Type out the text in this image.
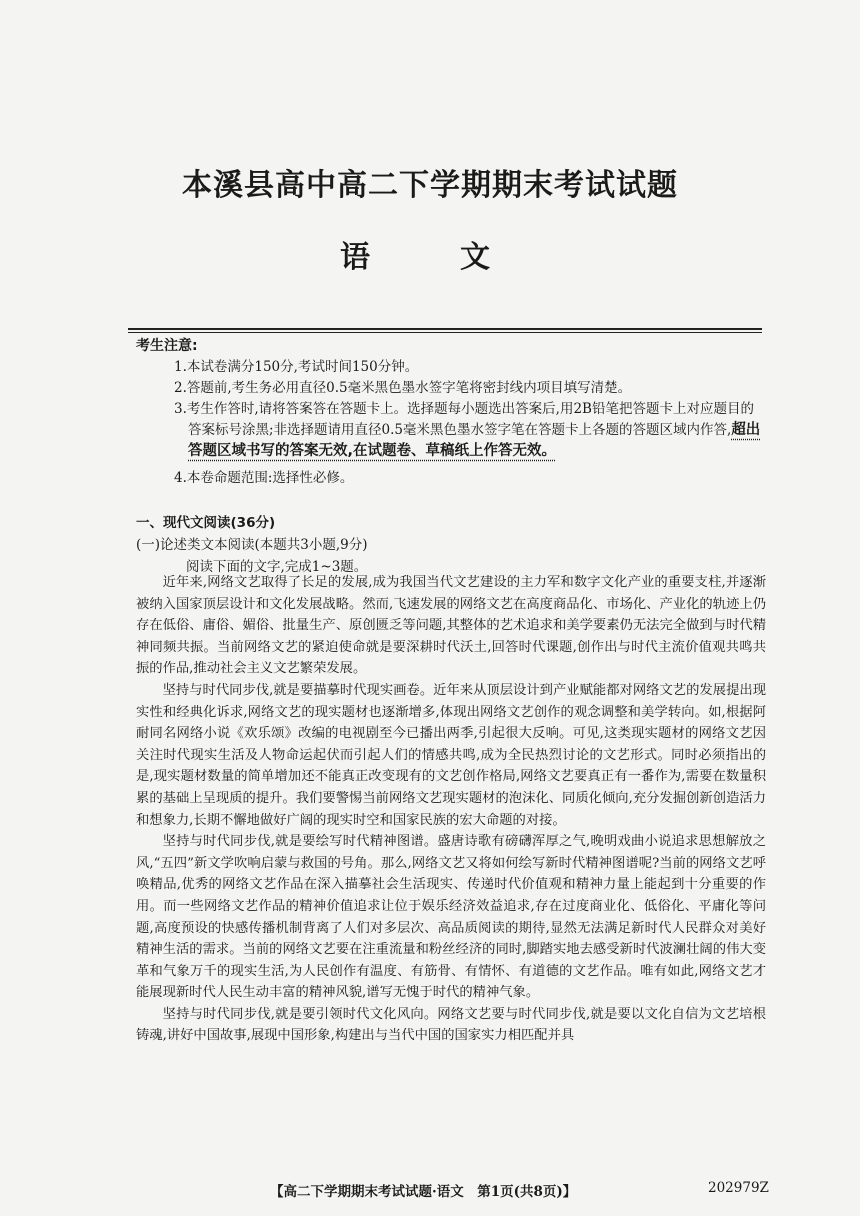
本溪县高中高二下学期期末考试试题
语　文
考生注意:
1.本试卷满分150分,考试时间150分钟。
2.答题前,考生务必用直径0.5毫米黑色墨水签字笔将密封线内项目填写清楚。
3.考生作答时,请将答案答在答题卡上。选择题每小题选出答案后,用2B铅笔把答题卡上对应题目的答案标号涂黑;非选择题请用直径0.5毫米黑色墨水签字笔在答题卡上各题的答题区域内作答,超出答题区域书写的答案无效,在试题卷、草稿纸上作答无效。
4.本卷命题范围:选择性必修。
一、现代文阅读(36分)
(一)论述类文本阅读(本题共3小题,9分)
阅读下面的文字,完成1~3题。

近年来,网络文艺取得了长足的发展,成为我国当代文艺建设的主力军和数字文化产业的重要支柱,并逐渐被纳入国家顶层设计和文化发展战略。然而,飞速发展的网络文艺在高度商品化、市场化、产业化的轨迹上仍存在低俗、庸俗、媚俗、批量生产、原创匮乏等问题,其整体的艺术追求和美学要素仍无法完全做到与时代精神同频共振。当前网络文艺的紧迫使命就是要深耕时代沃土,回答时代课题,创作出与时代主流价值观共鸣共振的作品,推动社会主义文艺繁荣发展。

坚持与时代同步伐,就是要描摹时代现实画卷。近年来从顶层设计到产业赋能都对网络文艺的发展提出现实性和经典化诉求,网络文艺的现实题材也逐渐增多,体现出网络文艺创作的观念调整和美学转向。如,根据阿耐同名网络小说《欢乐颂》改编的电视剧至今已播出两季,引起很大反响。可见,这类现实题材的网络文艺因关注时代现实生活及人物命运起伏而引起人们的情感共鸣,成为全民热烈讨论的文艺形式。同时必须指出的是,现实题材数量的简单增加还不能真正改变现有的文艺创作格局,网络文艺要真正有一番作为,需要在数量积累的基础上呈现质的提升。我们要警惕当前网络文艺现实题材的泡沫化、同质化倾向,充分发掘创新创造活力和想象力,长期不懈地做好广阔的现实时空和国家民族的宏大命题的对接。

坚持与时代同步伐,就是要绘写时代精神图谱。盛唐诗歌有磅礴浑厚之气,晚明戏曲小说追求思想解放之风,“五四”新文学吹响启蒙与救国的号角。那么,网络文艺又将如何绘写新时代精神图谱呢?当前的网络文艺呼唤精品,优秀的网络文艺作品在深入描摹社会生活现实、传递时代价值观和精神力量上能起到十分重要的作用。而一些网络文艺作品的精神价值追求让位于娱乐经济效益追求,存在过度商业化、低俗化、平庸化等问题,高度预设的快感传播机制背离了人们对多层次、高品质阅读的期待,显然无法满足新时代人民群众对美好精神生活的需求。当前的网络文艺要在注重流量和粉丝经济的同时,脚踏实地去感受新时代波澜壮阔的伟大变革和气象万千的现实生活,为人民创作有温度、有筋骨、有情怀、有道德的文艺作品。唯有如此,网络文艺才能展现新时代人民生动丰富的精神风貌,谱写无愧于时代的精神气象。

坚持与时代同步伐,就是要引领时代文化风向。网络文艺要与时代同步伐,就是要以文化自信为文艺培根铸魂,讲好中国故事,展现中国形象,构建出与当代中国的国家实力相匹配并具

【高二下学期期末考试试题·语文　第1页(共8页)】	202979Z
